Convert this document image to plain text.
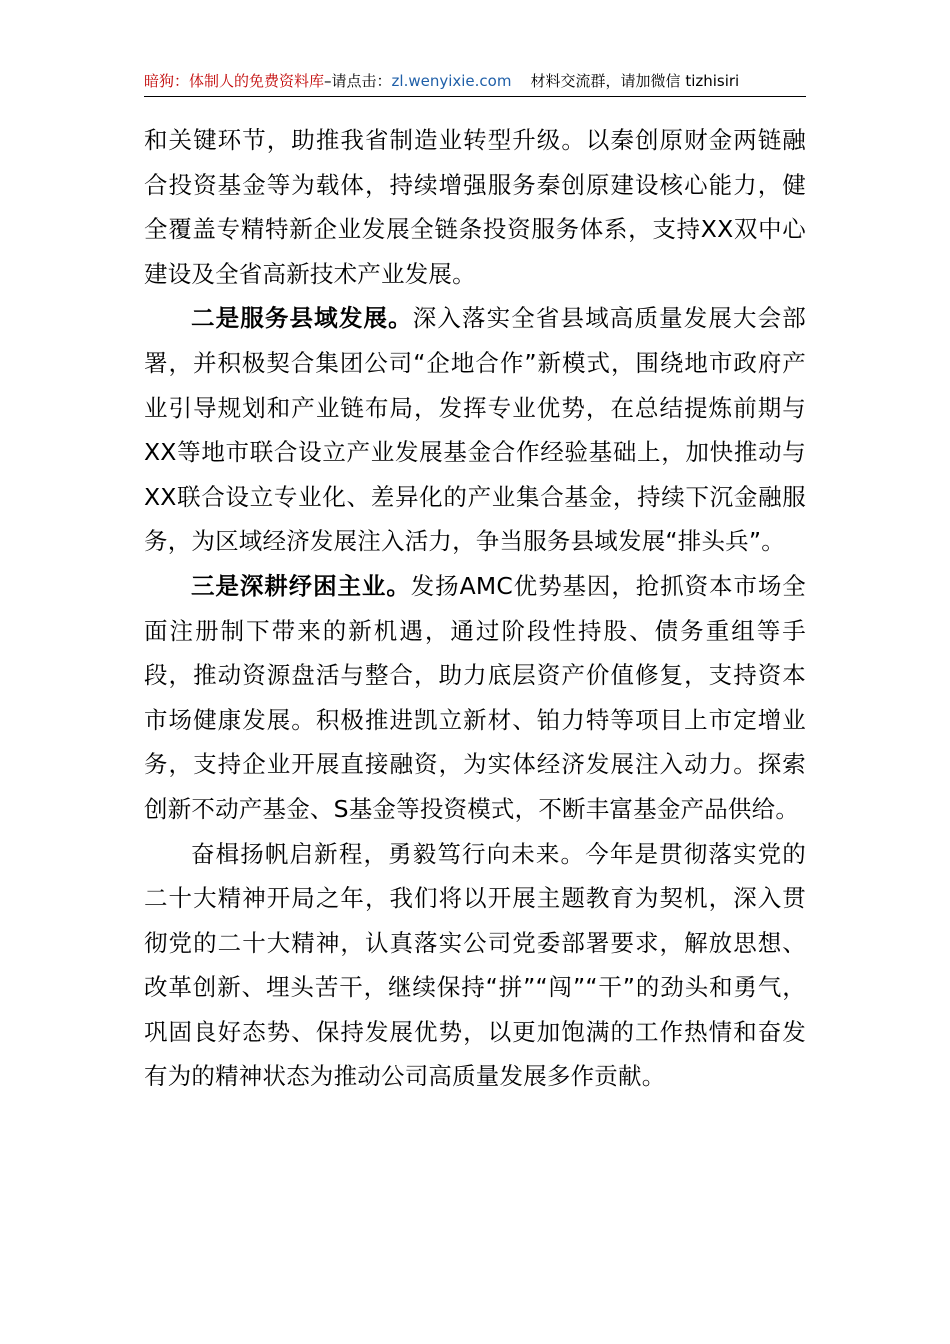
暗狗：体制人的免费资料库–请点击：zl.wenyixie.com 材料交流群，请加微信 tizhisiri

和关键环节，助推我省制造业转型升级。以秦创原财金两链融合投资基金等为载体，持续增强服务秦创原建设核心能力，健全覆盖专精特新企业发展全链条投资服务体系，支持XX双中心建设及全省高新技术产业发展。

二是服务县域发展。深入落实全省县域高质量发展大会部署，并积极契合集团公司“企地合作”新模式，围绕地市政府产业引导规划和产业链布局，发挥专业优势，在总结提炼前期与XX等地市联合设立产业发展基金合作经验基础上，加快推动与XX联合设立专业化、差异化的产业集合基金，持续下沉金融服务，为区域经济发展注入活力，争当服务县域发展“排头兵”。

三是深耕纾困主业。发扬AMC优势基因，抢抓资本市场全面注册制下带来的新机遇，通过阶段性持股、债务重组等手段，推动资源盘活与整合，助力底层资产价值修复，支持资本市场健康发展。积极推进凯立新材、铂力特等项目上市定增业务，支持企业开展直接融资，为实体经济发展注入动力。探索创新不动产基金、S基金等投资模式，不断丰富基金产品供给。

奋楫扬帆启新程，勇毅笃行向未来。今年是贯彻落实党的二十大精神开局之年，我们将以开展主题教育为契机，深入贯彻党的二十大精神，认真落实公司党委部署要求，解放思想、改革创新、埋头苦干，继续保持“拼”“闯”“干”的劲头和勇气，巩固良好态势、保持发展优势，以更加饱满的工作热情和奋发有为的精神状态为推动公司高质量发展多作贡献。
